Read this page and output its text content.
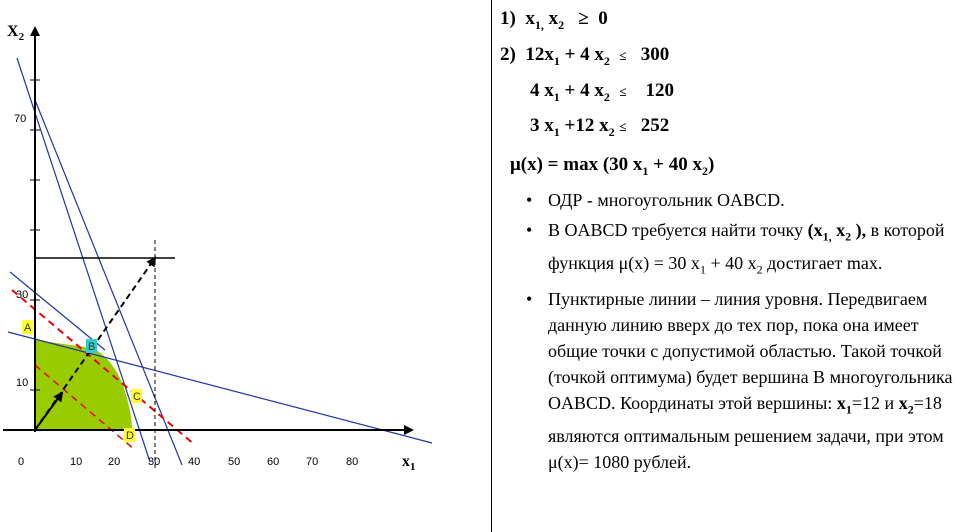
$X_2$
$x_1$
70
30
10
0	10 20	30	40	50 60 70	80
A
B
C
D
1) $x_{1,}$ $x_2 \ge 0$
2) $12x_1 + 4$ $x_2 \le 300$
4 $x_1 + 4$ $x_2 \le 120$
3 $x_1 +12$ $x_2 \le 252$
μ(x) = max (30 $x_1 + 40$ $x_2$)
• ОДР - многоугольник OABCD.
• В OABCD требуется найти точку ($x_{1,}$ $x_2$ ), в которой функция μ(x) = 30 $x_1 + 40$ $x_2$ достигает max.
• Пунктирные линии – линия уровня. Передвигаем данную линию вверх до тех пор, пока она имеет общие точки с допустимой областью. Такой точкой (точкой оптимума) будет вершина B многоугольника OABCD. Координаты этой вершины: $x_1=12$ и $x_2=18$ являются оптимальным решением задачи, при этом μ(x)= 1080 рублей.
